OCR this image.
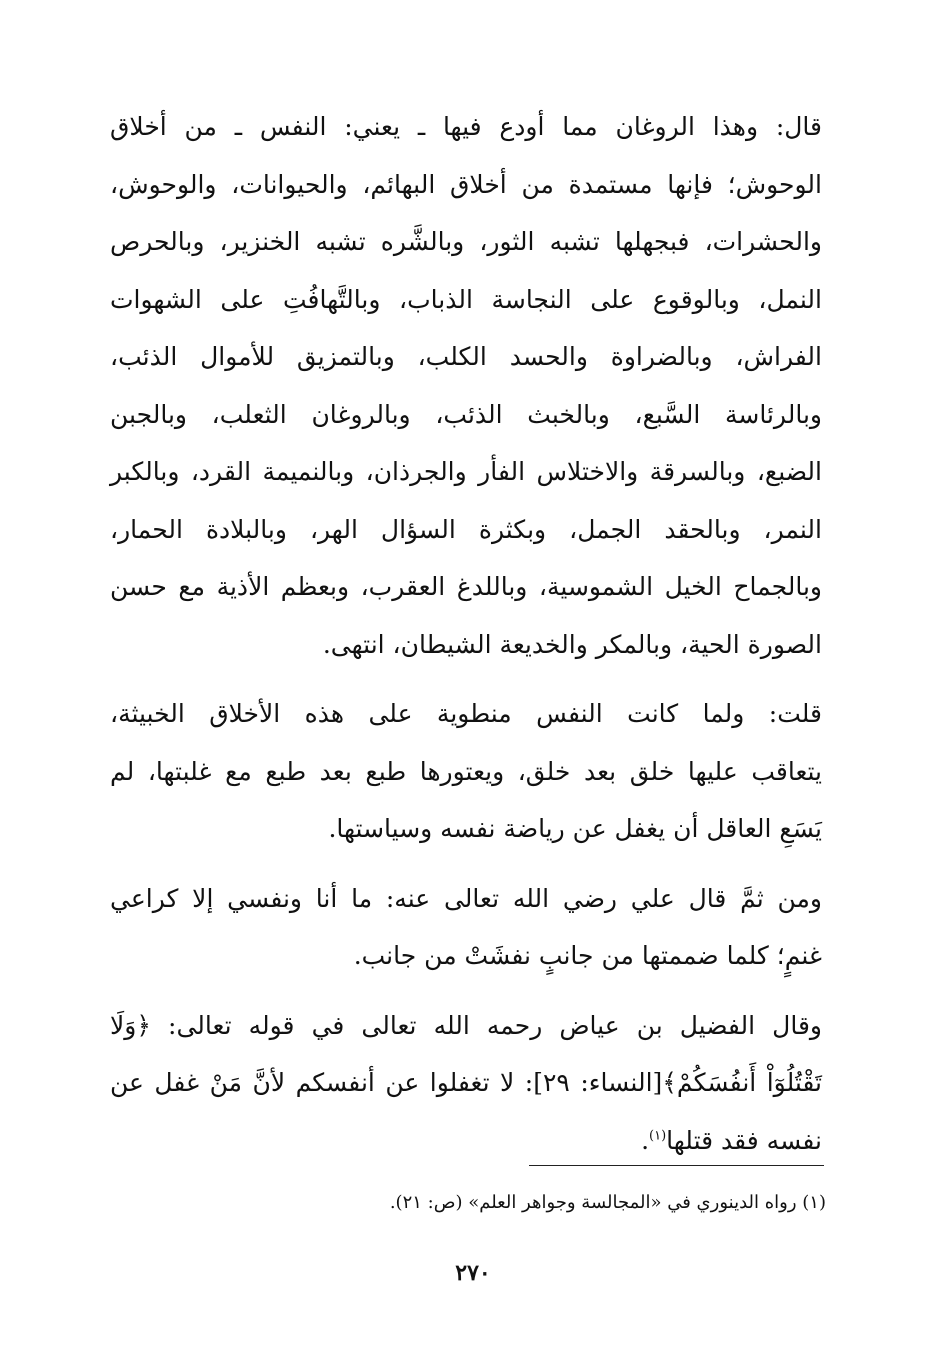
قال: وهذا الروغان مما أودع فيها ـ يعني: النفس ـ من أخلاق
الوحوش؛ فإنها مستمدة من أخلاق البهائم، والحيوانات، والوحوش،
والحشرات، فبجهلها تشبه الثور، وبالشَّره تشبه الخنزير، وبالحرص
النمل، وبالوقوع على النجاسة الذباب، وبالتَّهافُتِ على الشهوات
الفراش، وبالضراوة والحسد الكلب، وبالتمزيق للأموال الذئب،
وبالرئاسة السَّبع، وبالخبث الذئب، وبالروغان الثعلب، وبالجبن
الضبع، وبالسرقة والاختلاس الفأر والجرذان، وبالنميمة القرد، وبالكبر
النمر، وبالحقد الجمل، وبكثرة السؤال الهر، وبالبلادة الحمار،
وبالجماح الخيل الشموسية، وباللدغ العقرب، وبعظم الأذية مع حسن
الصورة الحية، وبالمكر والخديعة الشيطان، انتهى.

قلت: ولما كانت النفس منطوية على هذه الأخلاق الخبيثة،
يتعاقب عليها خلق بعد خلق، ويعتورها طبع بعد طبع مع غلبتها، لم
يَسَعِ العاقل أن يغفل عن رياضة نفسه وسياستها.

ومن ثمَّ قال علي رضي الله تعالى عنه: ما أنا ونفسي إلا كراعي
غنمٍ؛ كلما ضممتها من جانبٍ نفشَتْ من جانب.

وقال الفضيل بن عياض رحمه الله تعالى في قوله تعالى: ﴿وَلَا
تَقْتُلُوٓاْ أَنفُسَكُمْ﴾[النساء: ٢٩]: لا تغفلوا عن أنفسكم لأنَّ مَنْ غفل عن
نفسه فقد قتلها$^{(١)}$.

(١) رواه الدينوري في «المجالسة وجواهر العلم» (ص: ٢١).
٢٧٠
